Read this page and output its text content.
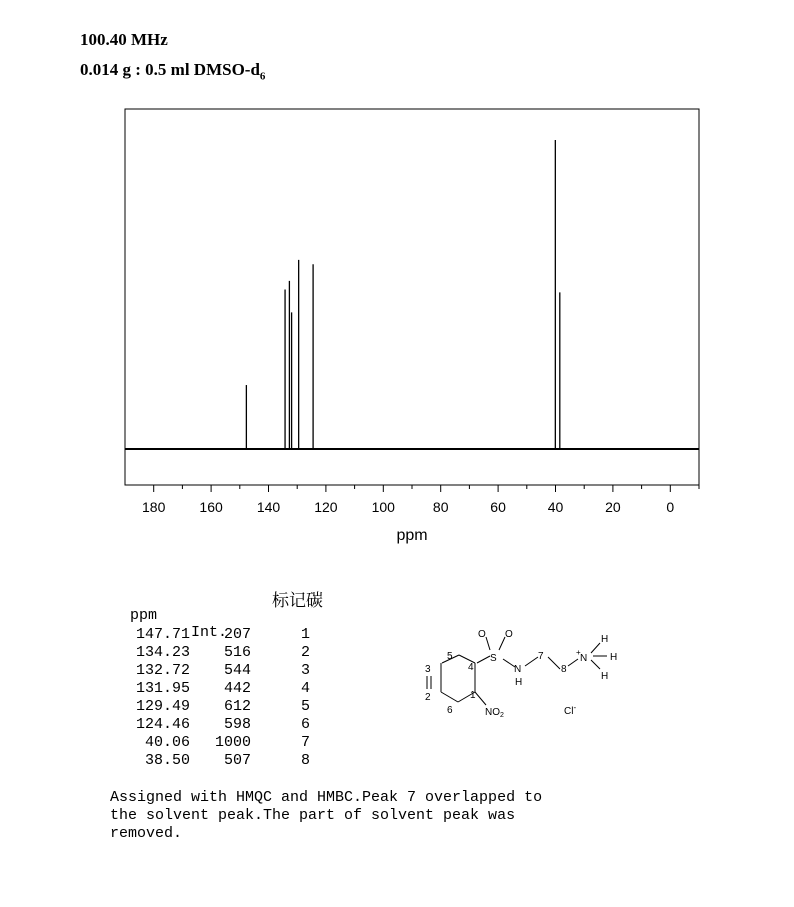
100.40 MHz
0.014 g : 0.5 ml DMSO-$d_6$
180 160 140 120 100	80	60	40	20	0
ppm

ppm

Int.

标记碳

147.71 207	1
134.23 516	2
132.72 544	3
131.95 442	4
129.49 612	5
124.46 598	6
40.06 1000	7
38.50 507	8
O O
S
N
H
N
+
H
H
H
$NO_2$	Cl-
1
2
3	4
5
6
7
8
Assigned with HMQC and HMBC.Peak 7 overlapped to
the solvent peak.The part of solvent peak was
removed.
